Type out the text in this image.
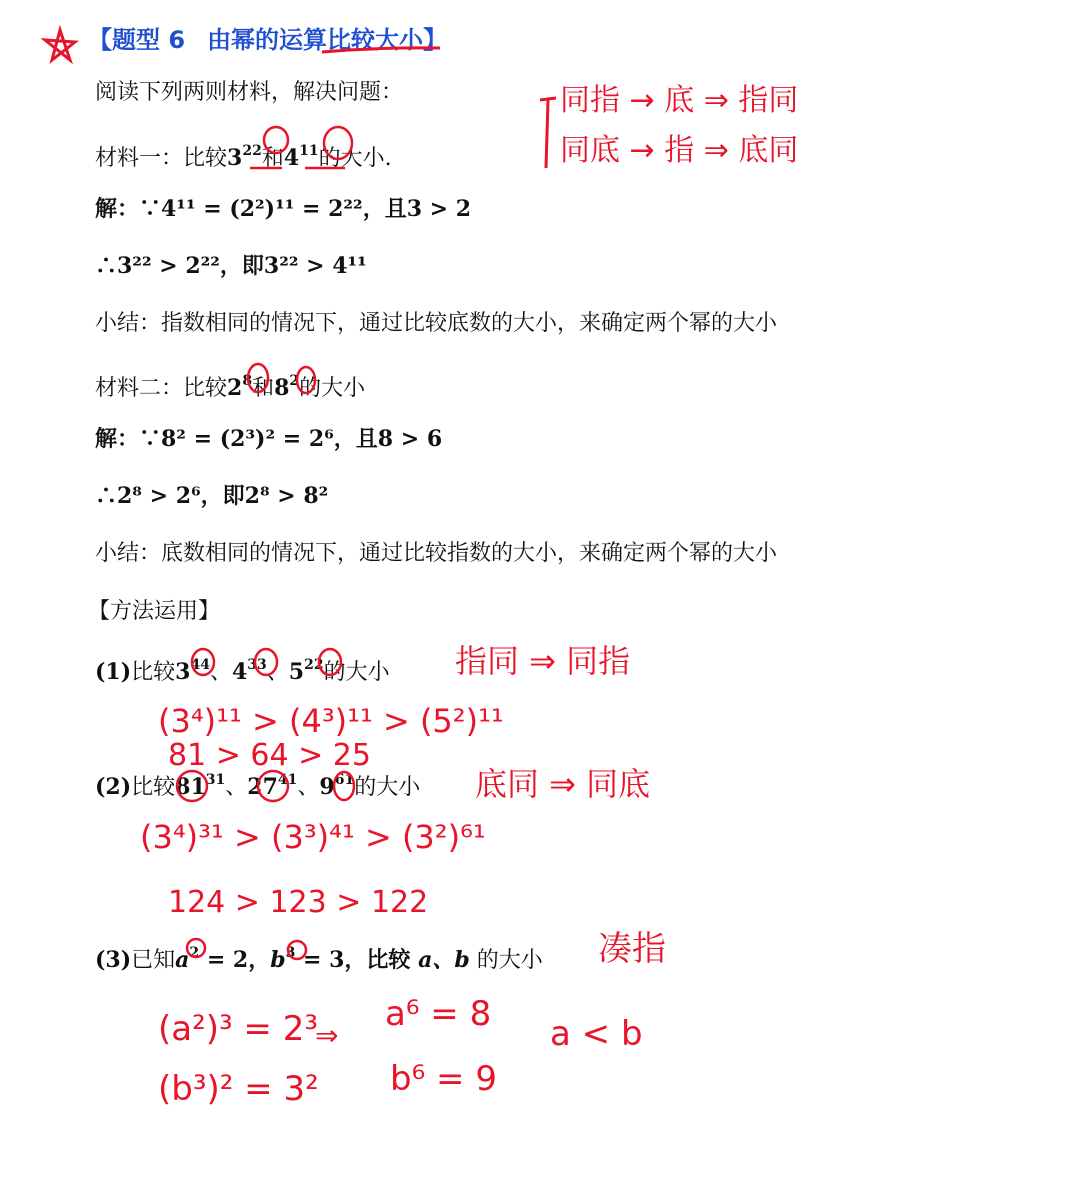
【题型 6 由幂的运算比较大小】
阅读下列两则材料，解决问题：
材料一：比较$3^{22}$和$4^{11}$的大小.
解：∵4¹¹ = (2²)¹¹ = 2²²，且3 > 2
∴3²² > 2²²，即3²² > 4¹¹
小结：指数相同的情况下，通过比较底数的大小，来确定两个幂的大小
材料二：比较$2^8$和$8^2$的大小
解：∵8² = (2³)² = 2⁶，且8 > 6
∴2⁸ > 2⁶，即2⁸ > 8²
小结：底数相同的情况下，通过比较指数的大小，来确定两个幂的大小
【方法运用】
(1)比较$3^{44}$、$4^{33}$、$5^{22}$的大小
(2)比较$81^{31}$、$27^{41}$、$9^{61}$的大小
(3)已知$a^2 = 2$，$b^3 = 3$，比较 a、b 的大小
同指 → 底 ⇒ 指同
同底 → 指 ⇒ 底同
指同 ⇒ 同指
(3⁴)¹¹ > (4³)¹¹ > (5²)¹¹
81 > 64 > 25
底同 ⇒ 同底
(3⁴)³¹ > (3³)⁴¹ > (3²)⁶¹
124 > 123 > 122
凑指
(a²)³ = 2³
(b³)² = 3²
⇒
a⁶ = 8
b⁶ = 9
a < b
